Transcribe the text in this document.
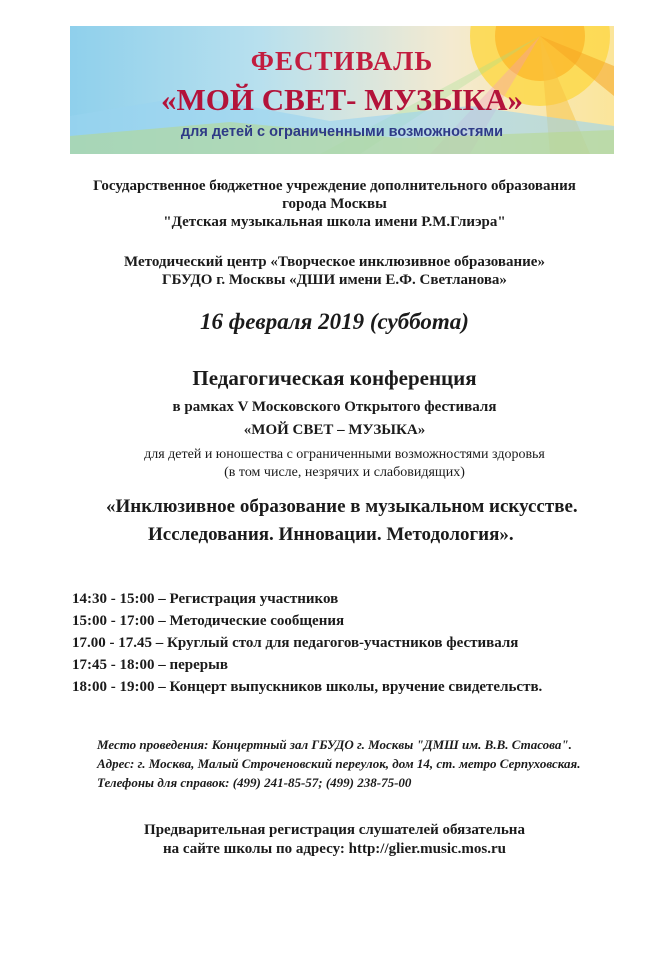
ФЕСТИВАЛЬ
«МОЙ СВЕТ- МУЗЫКА»
для детей с ограниченными возможностями
Государственное бюджетное учреждение дополнительного образования
города Москвы
"Детская музыкальная школа имени Р.М.Глиэра"
Методический центр «Творческое инклюзивное образование»
ГБУДО г. Москвы «ДШИ имени Е.Ф. Светланова»
16 февраля 2019 (суббота)
Педагогическая конференция
в рамках V Московского Открытого фестиваля
«МОЙ СВЕТ – МУЗЫКА»
для детей и юношества с ограниченными возможностями здоровья
(в том числе, незрячих и слабовидящих)
«Инклюзивное образование в музыкальном искусстве.
Исследования. Инновации. Методология».
14:30 - 15:00 – Регистрация участников
15:00 - 17:00 – Методические сообщения
17.00 - 17.45 – Круглый стол для педагогов-участников фестиваля
17:45 - 18:00 – перерыв
18:00 - 19:00 – Концерт выпускников школы, вручение свидетельств.
Место проведения: Концертный зал ГБУДО г. Москвы "ДМШ им. В.В. Стасова".
Адрес: г. Москва, Малый Строченовский переулок, дом 14, ст. метро Серпуховская.
Телефоны для справок: (499) 241-85-57; (499) 238-75-00
Предварительная регистрация слушателей обязательна
на сайте школы по адресу: http://glier.music.mos.ru
